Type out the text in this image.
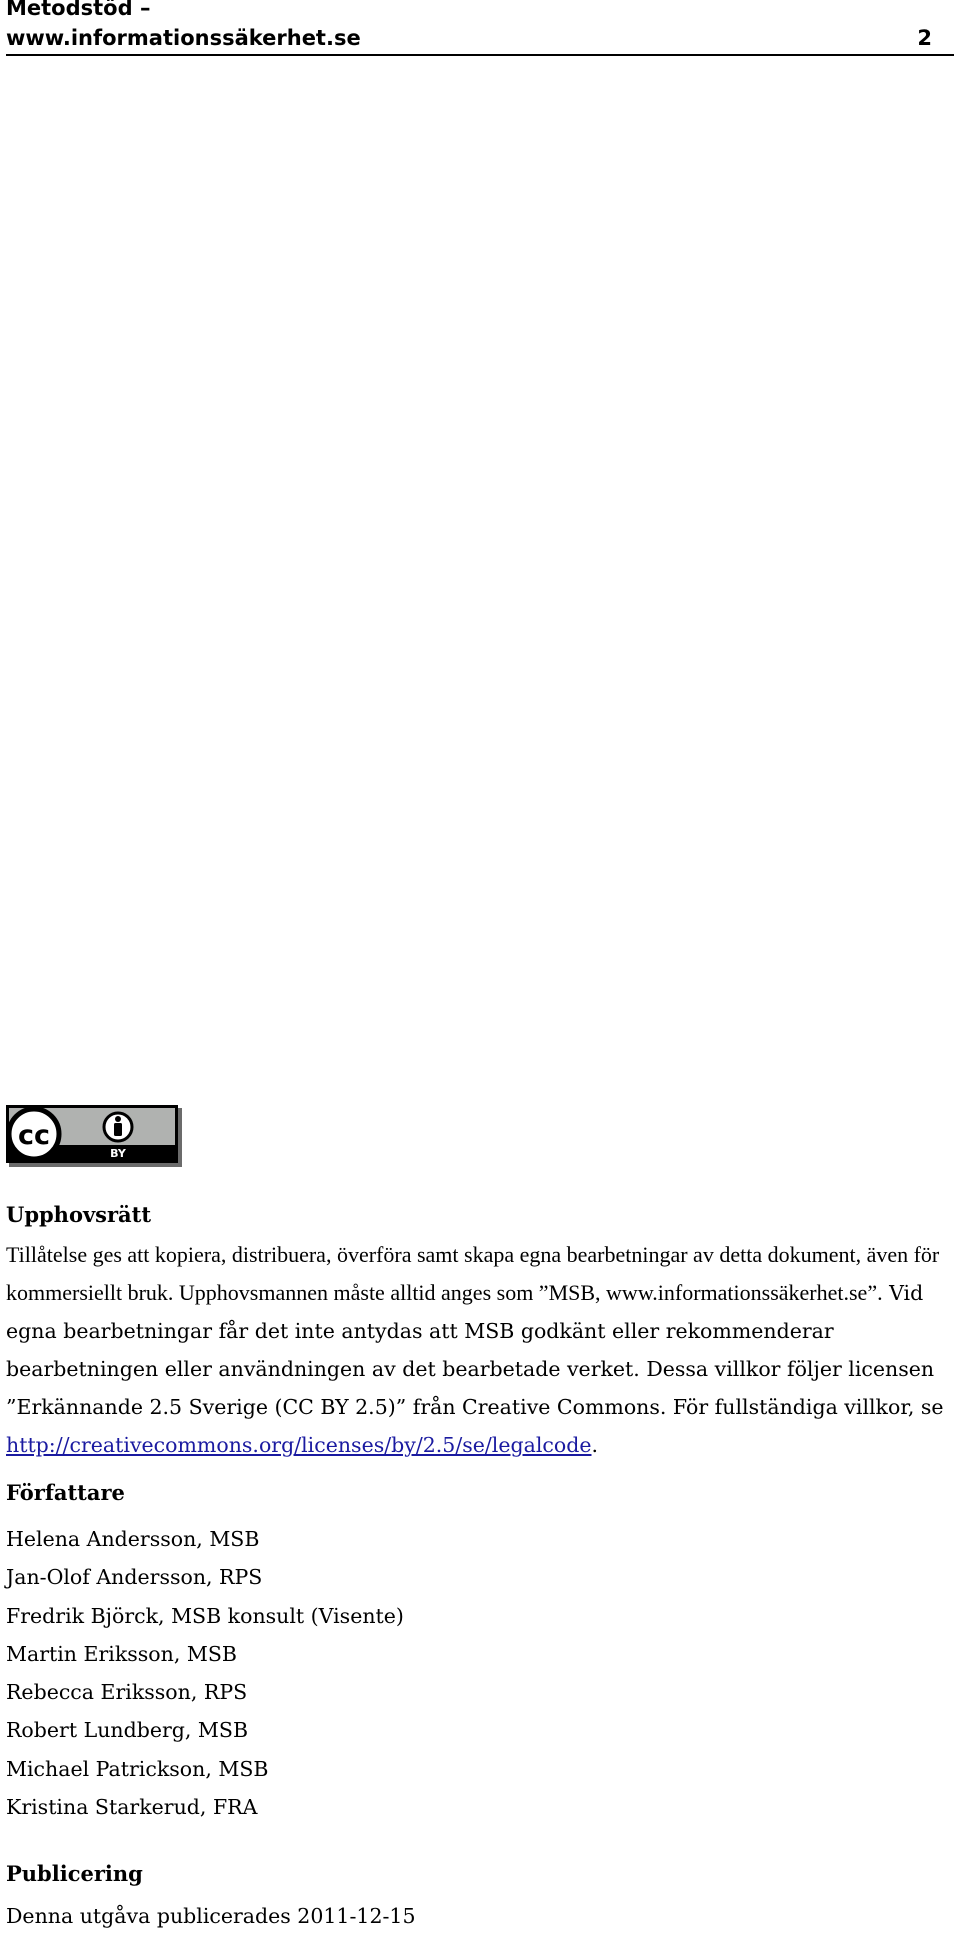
Metodstöd –
www.informationssäkerhet.se	2
cc
BY
Upphovsrätt

Tillåtelse ges att kopiera, distribuera, överföra samt skapa egna bearbetningar av detta dokument, även för kommersiellt bruk. Upphovsmannen måste alltid anges som ”MSB, www.informationssäkerhet.se”. Vid egna bearbetningar får det inte antydas att MSB godkänt eller rekommenderar bearbetningen eller användningen av det bearbetade verket. Dessa villkor följer licensen ”Erkännande 2.5 Sverige (CC BY 2.5)” från Creative Commons. För fullständiga villkor, se http://creativecommons.org/licenses/by/2.5/se/legalcode.

Författare
Helena Andersson, MSB
Jan-Olof Andersson, RPS
Fredrik Björck, MSB konsult (Visente)
Martin Eriksson, MSB
Rebecca Eriksson, RPS
Robert Lundberg, MSB
Michael Patrickson, MSB
Kristina Starkerud, FRA
Publicering

Denna utgåva publicerades 2011-12-15
